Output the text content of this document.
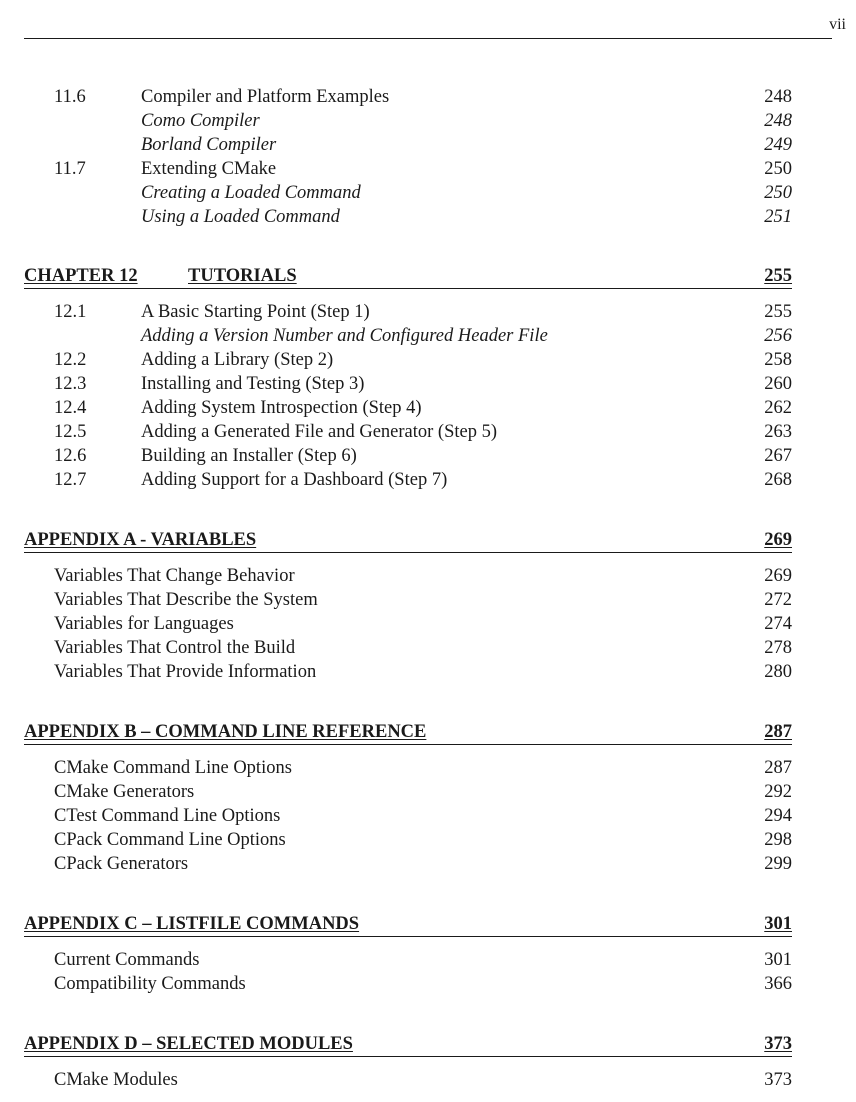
vii
11.6	Compiler and Platform Examples	248
Como Compiler	248
Borland Compiler	249
11.7	Extending CMake	250
Creating a Loaded Command	250
Using a Loaded Command	251
CHAPTER 12	TUTORIALS	255
12.1	A Basic Starting Point (Step 1)	255
Adding a Version Number and Configured Header File	256
12.2	Adding a Library (Step 2)	258
12.3	Installing and Testing (Step 3)	260
12.4	Adding System Introspection (Step 4)	262
12.5	Adding a Generated File and Generator (Step 5)	263
12.6	Building an Installer (Step 6)	267
12.7	Adding Support for a Dashboard (Step 7)	268
APPENDIX A - VARIABLES	269
Variables That Change Behavior	269
Variables That Describe the System	272
Variables for Languages	274
Variables That Control the Build	278
Variables That Provide Information	280
APPENDIX B – COMMAND LINE REFERENCE	287
CMake Command Line Options	287
CMake Generators	292
CTest Command Line Options	294
CPack Command Line Options	298
CPack Generators	299
APPENDIX C – LISTFILE COMMANDS	301
Current Commands	301
Compatibility Commands	366
APPENDIX D – SELECTED MODULES	373
CMake Modules	373
